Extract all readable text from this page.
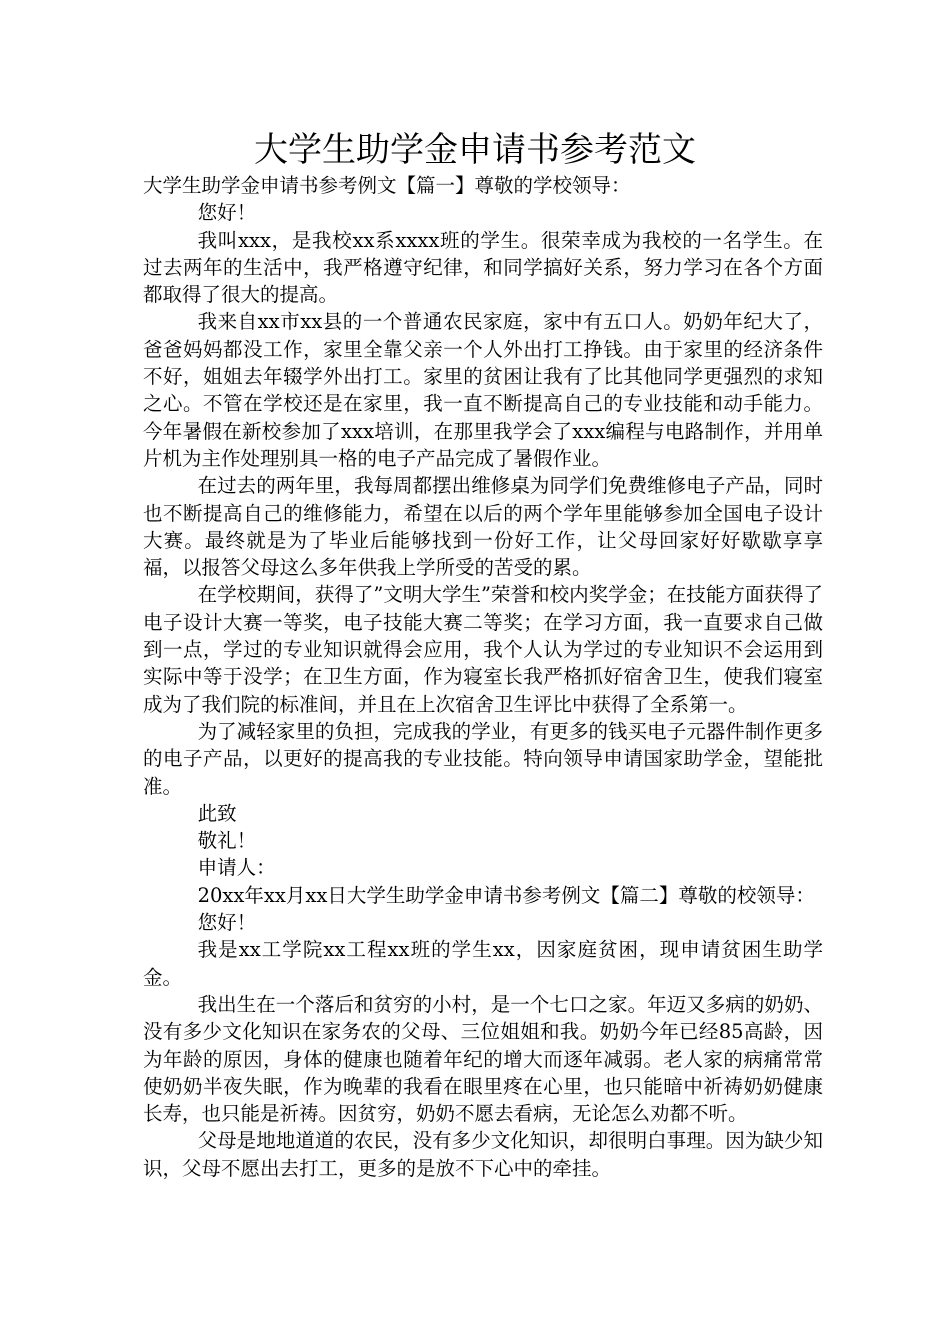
大学生助学金申请书参考范文

大学生助学金申请书参考例文【篇一】尊敬的学校领导：

您好！

我叫xxx，是我校xx系xxxx班的学生。很荣幸成为我校的一名学生。在过去两年的生活中，我严格遵守纪律，和同学搞好关系，努力学习在各个方面都取得了很大的提高。

我来自xx市xx县的一个普通农民家庭，家中有五口人。奶奶年纪大了，爸爸妈妈都没工作，家里全靠父亲一个人外出打工挣钱。由于家里的经济条件不好，姐姐去年辍学外出打工。家里的贫困让我有了比其他同学更强烈的求知之心。不管在学校还是在家里，我一直不断提高自己的专业技能和动手能力。今年暑假在新校参加了xxx培训，在那里我学会了xxx编程与电路制作，并用单片机为主作处理别具一格的电子产品完成了暑假作业。

在过去的两年里，我每周都摆出维修桌为同学们免费维修电子产品，同时也不断提高自己的维修能力，希望在以后的两个学年里能够参加全国电子设计大赛。最终就是为了毕业后能够找到一份好工作，让父母回家好好歇歇享享福，以报答父母这么多年供我上学所受的苦受的累。

在学校期间，获得了”文明大学生”荣誉和校内奖学金；在技能方面获得了电子设计大赛一等奖，电子技能大赛二等奖；在学习方面，我一直要求自己做到一点，学过的专业知识就得会应用，我个人认为学过的专业知识不会运用到实际中等于没学；在卫生方面，作为寝室长我严格抓好宿舍卫生，使我们寝室成为了我们院的标准间，并且在上次宿舍卫生评比中获得了全系第一。

为了减轻家里的负担，完成我的学业，有更多的钱买电子元器件制作更多的电子产品，以更好的提高我的专业技能。特向领导申请国家助学金，望能批准。

此致

敬礼！

申请人：

20xx年xx月xx日大学生助学金申请书参考例文【篇二】尊敬的校领导：

您好！

我是xx工学院xx工程xx班的学生xx，因家庭贫困，现申请贫困生助学金。

我出生在一个落后和贫穷的小村，是一个七口之家。年迈又多病的奶奶、没有多少文化知识在家务农的父母、三位姐姐和我。奶奶今年已经85高龄，因为年龄的原因，身体的健康也随着年纪的增大而逐年减弱。老人家的病痛常常使奶奶半夜失眠，作为晚辈的我看在眼里疼在心里，也只能暗中祈祷奶奶健康长寿，也只能是祈祷。因贫穷，奶奶不愿去看病，无论怎么劝都不听。

父母是地地道道的农民，没有多少文化知识，却很明白事理。因为缺少知识，父母不愿出去打工，更多的是放不下心中的牵挂。
